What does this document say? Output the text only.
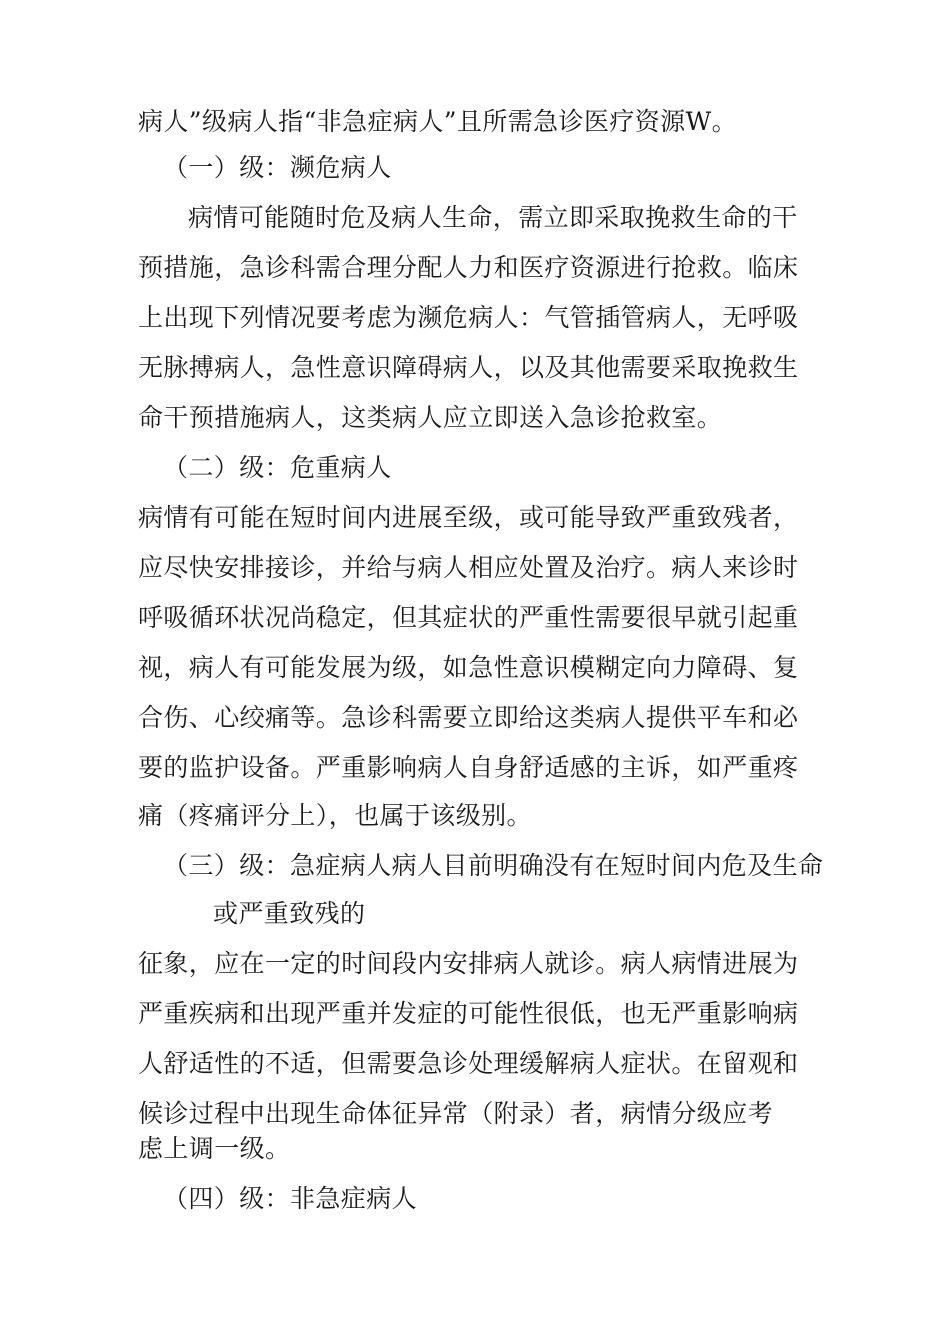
病人”级病人指“非急症病人”且所需急诊医疗资源W。
（一）级：濒危病人
病情可能随时危及病人生命，需立即采取挽救生命的干
预措施，急诊科需合理分配人力和医疗资源进行抢救。临床
上出现下列情况要考虑为濒危病人：气管插管病人，无呼吸
无脉搏病人，急性意识障碍病人，以及其他需要采取挽救生
命干预措施病人，这类病人应立即送入急诊抢救室。
（二）级：危重病人
病情有可能在短时间内进展至级，或可能导致严重致残者，
应尽快安排接诊，并给与病人相应处置及治疗。病人来诊时
呼吸循环状况尚稳定，但其症状的严重性需要很早就引起重
视，病人有可能发展为级，如急性意识模糊定向力障碍、复
合伤、心绞痛等。急诊科需要立即给这类病人提供平车和必
要的监护设备。严重影响病人自身舒适感的主诉，如严重疼
痛（疼痛评分上），也属于该级别。
（三）级：急症病人病人目前明确没有在短时间内危及生命
或严重致残的
征象，应在一定的时间段内安排病人就诊。病人病情进展为
严重疾病和出现严重并发症的可能性很低，也无严重影响病
人舒适性的不适，但需要急诊处理缓解病人症状。在留观和
候诊过程中出现生命体征异常（附录）者，病情分级应考
虑上调一级。
（四）级：非急症病人
